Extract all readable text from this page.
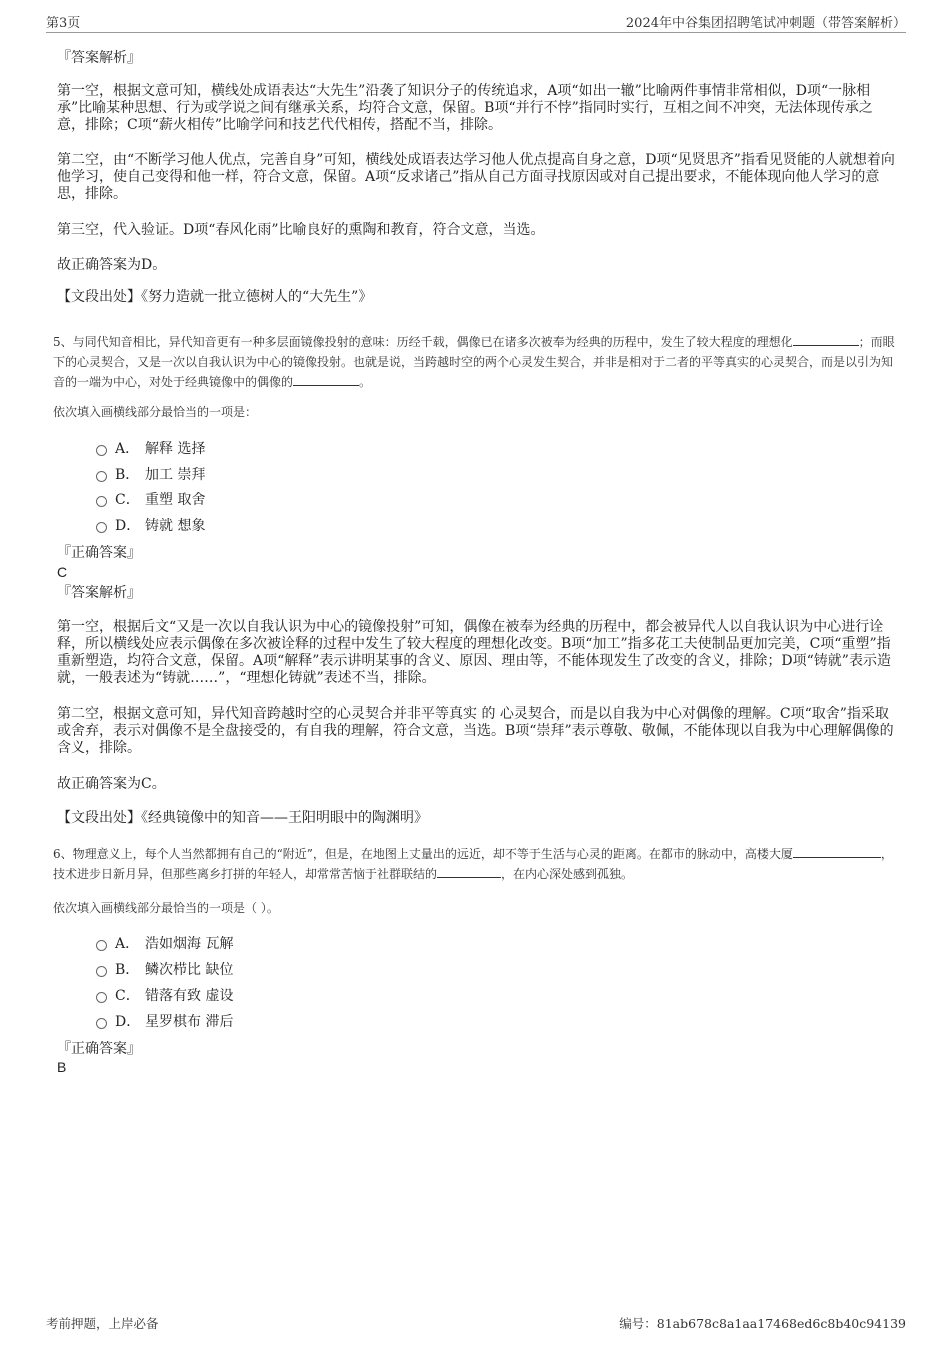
第3页	2024年中谷集团招聘笔试冲刺题（带答案解析）

『答案解析』

第一空，根据文意可知，横线处成语表达“大先生”沿袭了知识分子的传统追求，A项“如出一辙”比喻两件事情非常相似，D项“一脉相承”比喻某种思想、行为或学说之间有继承关系，均符合文意，保留。B项“并行不悖”指同时实行，互相之间不冲突，无法体现传承之意，排除；C项“薪火相传”比喻学问和技艺代代相传，搭配不当，排除。

第二空，由“不断学习他人优点，完善自身”可知，横线处成语表达学习他人优点提高自身之意，D项“见贤思齐”指看见贤能的人就想着向他学习，使自己变得和他一样，符合文意，保留。A项“反求诸己”指从自己方面寻找原因或对自己提出要求，不能体现向他人学习的意思，排除。

第三空，代入验证。D项“春风化雨”比喻良好的熏陶和教育，符合文意，当选。

故正确答案为D。

【文段出处】《努力造就一批立德树人的“大先生”》

5、与同代知音相比，异代知音更有一种多层面镜像投射的意味：历经千载，偶像已在诸多次被奉为经典的历程中，发生了较大程度的理想化	；而眼下的心灵契合，又是一次以自我认识为中心的镜像投射。也就是说，当跨越时空的两个心灵发生契合，并非是相对于二者的平等真实的心灵契合，而是以引为知音的一端为中心，对处于经典镜像中的偶像的	。

依次填入画横线部分最恰当的一项是：

A． 解释 选择
B． 加工 崇拜
C． 重塑 取舍
D． 铸就 想象

『正确答案』

C

『答案解析』

第一空，根据后文“又是一次以自我认识为中心的镜像投射”可知，偶像在被奉为经典的历程中，都会被异代人以自我认识为中心进行诠释，所以横线处应表示偶像在多次被诠释的过程中发生了较大程度的理想化改变。B项“加工”指多花工夫使制品更加完美，C项“重塑”指重新塑造，均符合文意，保留。A项“解释”表示讲明某事的含义、原因、理由等，不能体现发生了改变的含义，排除；D项“铸就”表示造就，一般表述为“铸就……”，“理想化铸就”表述不当，排除。

第二空，根据文意可知，异代知音跨越时空的心灵契合并非平等真实 的 心灵契合，而是以自我为中心对偶像的理解。C项“取舍”指采取或舍弃，表示对偶像不是全盘接受的，有自我的理解，符合文意，当选。B项“崇拜”表示尊敬、敬佩，不能体现以自我为中心理解偶像的含义，排除。

故正确答案为C。

【文段出处】《经典镜像中的知音——王阳明眼中的陶渊明》

6、物理意义上，每个人当然都拥有自己的“附近”，但是，在地图上丈量出的远近，却不等于生活与心灵的距离。在都市的脉动中，高楼大厦	，技术进步日新月异，但那些离乡打拼的年轻人，却常常苦恼于社群联结的	，在内心深处感到孤独。

依次填入画横线部分最恰当的一项是（ ）。

A． 浩如烟海 瓦解
B． 鳞次栉比 缺位
C． 错落有致 虚设
D． 星罗棋布 滞后

『正确答案』

B
考前押题，上岸必备	编号：81ab678c8a1aa17468ed6c8b40c94139
